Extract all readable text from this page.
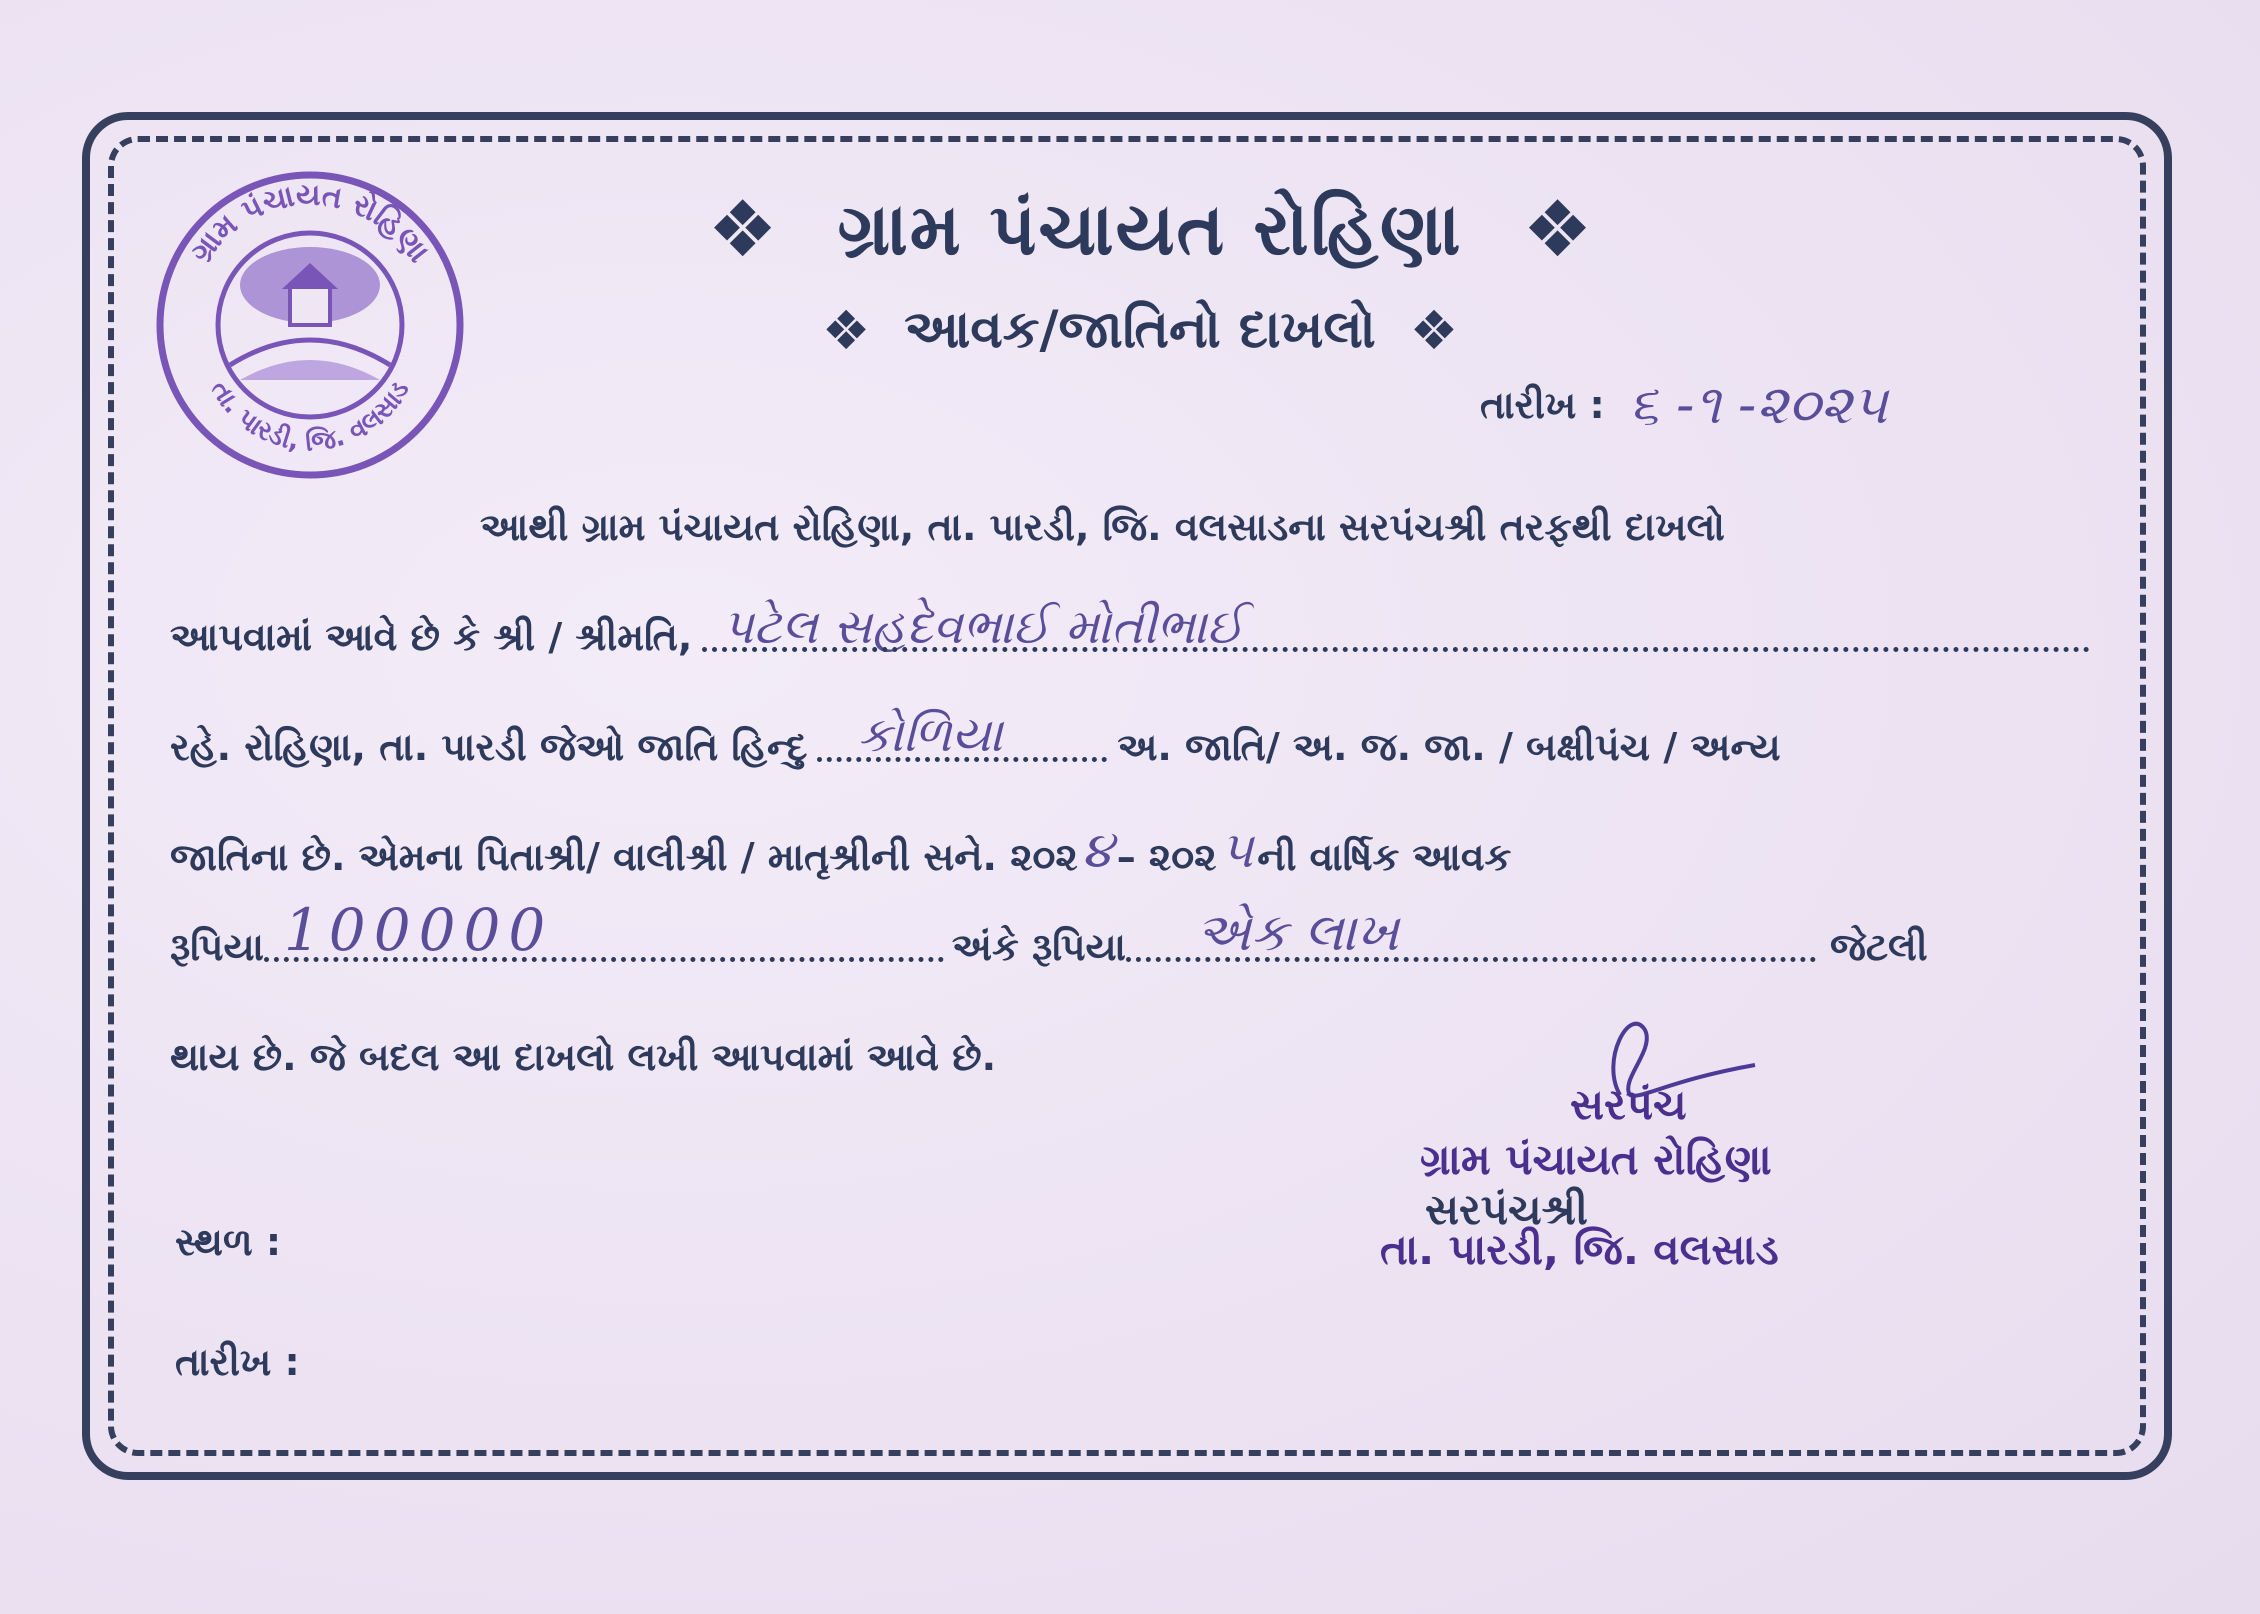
ગ્રામ પંચાયત રોહિણા
તા. પારડી, જિ. વલસાડ
❖ ગ્રામ પંચાયત રોહિણા ❖
❖ આવક/જાતિનો દાખલો ❖
તારીખ : ૬ -૧ -૨૦૨૫
આથી ગ્રામ પંચાયત રોહિણા, તા. પારડી, જિ. વલસાડના સરપંચશ્રી તરફથી દાખલો
આપવામાં આવે છે કે શ્રી / શ્રીમતિ, પટેલ સહદેવભાઈ મોતીભાઈ
રહે. રોહિણા, તા. પારડી જેઓ જાતિ હિન્દુ કોળિયા	અ. જાતિ/ અ. જ. જા. / બક્ષીપંચ / અન્ય
જાતિના છે. એમના પિતાશ્રી/ વાલીશ્રી / માતૃશ્રીની સને. ૨૦૨ ૪ – ૨૦૨ ૫ ની વાર્ષિક આવક
રૂપિયા 100000	અંકે રૂપિયા એક લાખ	જેટલી
થાય છે. જે બદલ આ દાખલો લખી આપવામાં આવે છે.
સરપંચ
ગ્રામ પંચાયત રોહિણા
સરપંચશ્રી
તા. પારડી, જિ. વલસાડ
સ્થળ :
તારીખ :
